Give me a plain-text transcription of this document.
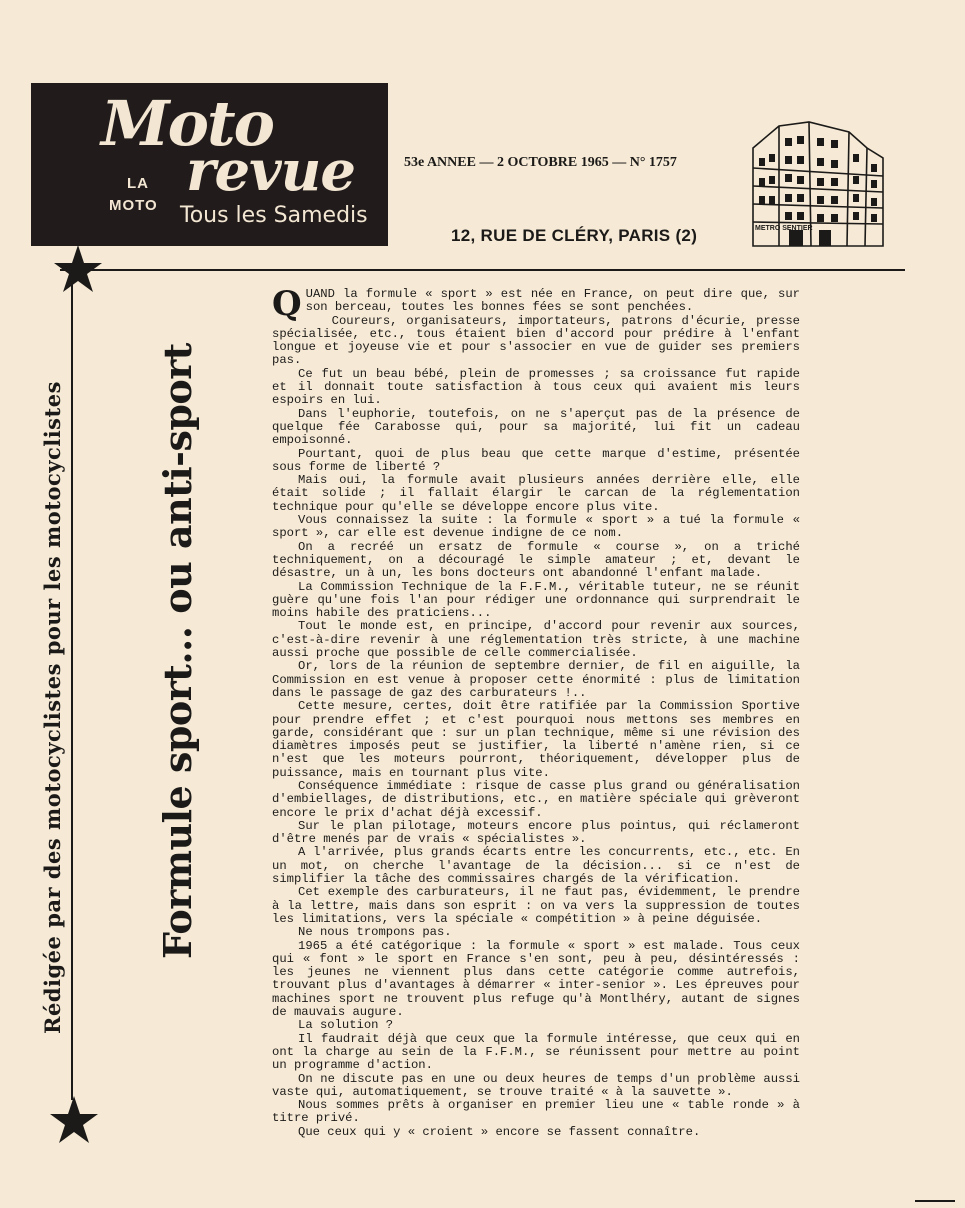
Moto
LA
MOTO
revue
Tous les Samedis
53e ANNEE — 2 OCTOBRE 1965 — N° 1757
12, RUE DE CLÉRY, PARIS (2)	METRO SENTIER
Rédigée par des motocyclistes pour les motocyclistes Formule sport... ou anti-sport
Q UAND la formule « sport » est née en France, on peut dire que, sur son berceau, toutes les bonnes fées se sont penchées.

Coureurs, organisateurs, importateurs, patrons d'écurie, presse spécialisée, etc., tous étaient bien d'accord pour prédire à l'enfant longue et joyeuse vie et pour s'associer en vue de guider ses premiers pas.

Ce fut un beau bébé, plein de promesses ; sa croissance fut rapide et il donnait toute satisfaction à tous ceux qui avaient mis leurs espoirs en lui.

Dans l'euphorie, toutefois, on ne s'aperçut pas de la présence de quelque fée Carabosse qui, pour sa majorité, lui fit un cadeau empoisonné.

Pourtant, quoi de plus beau que cette marque d'estime, présentée sous forme de liberté ?

Mais oui, la formule avait plusieurs années derrière elle, elle était solide ; il fallait élargir le carcan de la réglementation technique pour qu'elle se développe encore plus vite.

Vous connaissez la suite : la formule « sport » a tué la formule « sport », car elle est devenue indigne de ce nom.

On a recréé un ersatz de formule « course », on a triché techniquement, on a découragé le simple amateur ; et, devant le désastre, un à un, les bons docteurs ont abandonné l'enfant malade.

La Commission Technique de la F.F.M., véritable tuteur, ne se réunit guère qu'une fois l'an pour rédiger une ordonnance qui surprendrait le moins habile des praticiens...

Tout le monde est, en principe, d'accord pour revenir aux sources, c'est-à-dire revenir à une réglementation très stricte, à une machine aussi proche que possible de celle commercialisée.

Or, lors de la réunion de septembre dernier, de fil en aiguille, la Commission en est venue à proposer cette énormité : plus de limitation dans le passage de gaz des carburateurs !..

Cette mesure, certes, doit être ratifiée par la Commission Sportive pour prendre effet ; et c'est pourquoi nous mettons ses membres en garde, considérant que : sur un plan technique, même si une révision des diamètres imposés peut se justifier, la liberté n'amène rien, si ce n'est que les moteurs pourront, théoriquement, développer plus de puissance, mais en tournant plus vite.

Conséquence immédiate : risque de casse plus grand ou généralisation d'embiellages, de distributions, etc., en matière spéciale qui grèveront encore le prix d'achat déjà excessif.

Sur le plan pilotage, moteurs encore plus pointus, qui réclameront d'être menés par de vrais « spécialistes ».

A l'arrivée, plus grands écarts entre les concurrents, etc., etc. En un mot, on cherche l'avantage de la décision... si ce n'est de simplifier la tâche des commissaires chargés de la vérification.

Cet exemple des carburateurs, il ne faut pas, évidemment, le prendre à la lettre, mais dans son esprit : on va vers la suppression de toutes les limitations, vers la spéciale « compétition » à peine déguisée.

Ne nous trompons pas.

1965 a été catégorique : la formule « sport » est malade. Tous ceux qui « font » le sport en France s'en sont, peu à peu, désintéressés : les jeunes ne viennent plus dans cette catégorie comme autrefois, trouvant plus d'avantages à démarrer « inter-senior ». Les épreuves pour machines sport ne trouvent plus refuge qu'à Montlhéry, autant de signes de mauvais augure.

La solution ?

Il faudrait déjà que ceux que la formule intéresse, que ceux qui en ont la charge au sein de la F.F.M., se réunissent pour mettre au point un programme d'action.

On ne discute pas en une ou deux heures de temps d'un problème aussi vaste qui, automatiquement, se trouve traité « à la sauvette ».

Nous sommes prêts à organiser en premier lieu une « table ronde » à titre privé.

Que ceux qui y « croient » encore se fassent connaître.
